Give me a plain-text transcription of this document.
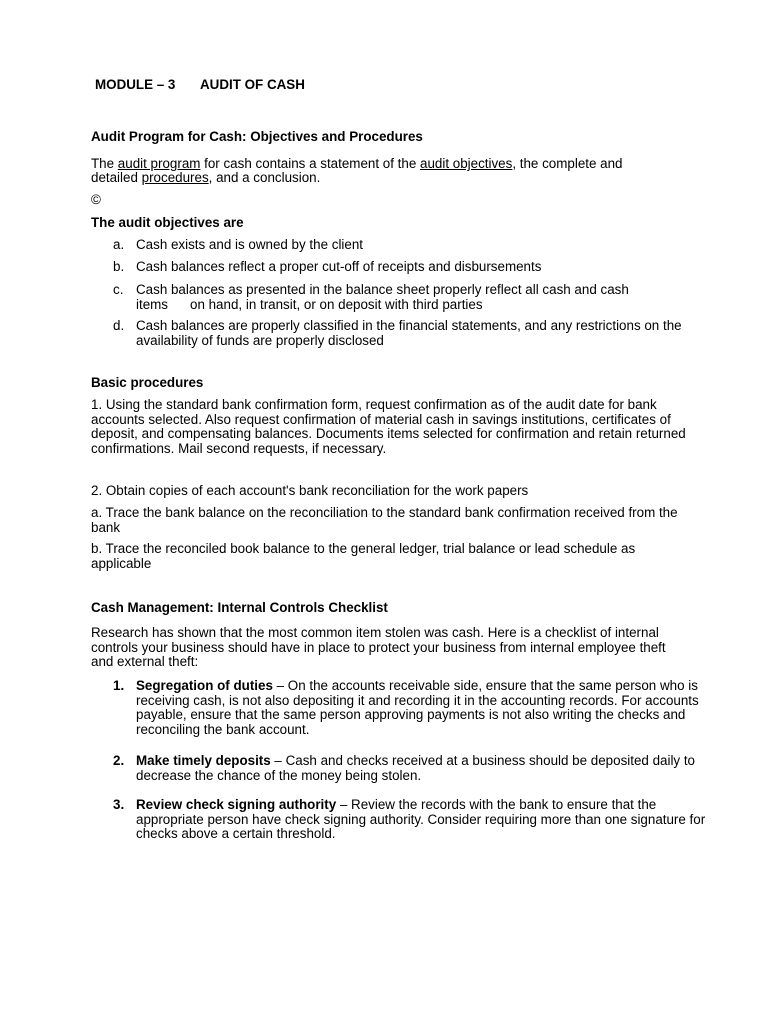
MODULE – 3 AUDIT OF CASH
Audit Program for Cash: Objectives and Procedures
The audit program for cash contains a statement of the audit objectives, the complete and
detailed procedures, and a conclusion.
©
The audit objectives are
a. Cash exists and is owned by the client
b. Cash balances reflect a proper cut-off of receipts and disbursements
c. Cash balances as presented in the balance sheet properly reflect all cash and cash
items on hand, in transit, or on deposit with third parties
d. Cash balances are properly classified in the financial statements, and any restrictions on the availability of funds are properly disclosed
Basic procedures
1. Using the standard bank confirmation form, request confirmation as of the audit date for bank accounts selected. Also request confirmation of material cash in savings institutions, certificates of deposit, and compensating balances. Documents items selected for confirmation and retain returned confirmations. Mail second requests, if necessary.
2. Obtain copies of each account's bank reconciliation for the work papers
a. Trace the bank balance on the reconciliation to the standard bank confirmation received from the bank
b. Trace the reconciled book balance to the general ledger, trial balance or lead schedule as applicable
Cash Management: Internal Controls Checklist
Research has shown that the most common item stolen was cash. Here is a checklist of internal controls your business should have in place to protect your business from internal employee theft and external theft:
1. Segregation of duties – On the accounts receivable side, ensure that the same person who is receiving cash, is not also depositing it and recording it in the accounting records. For accounts payable, ensure that the same person approving payments is not also writing the checks and reconciling the bank account.
2. Make timely deposits – Cash and checks received at a business should be deposited daily to decrease the chance of the money being stolen.
3. Review check signing authority – Review the records with the bank to ensure that the appropriate person have check signing authority. Consider requiring more than one signature for checks above a certain threshold.
